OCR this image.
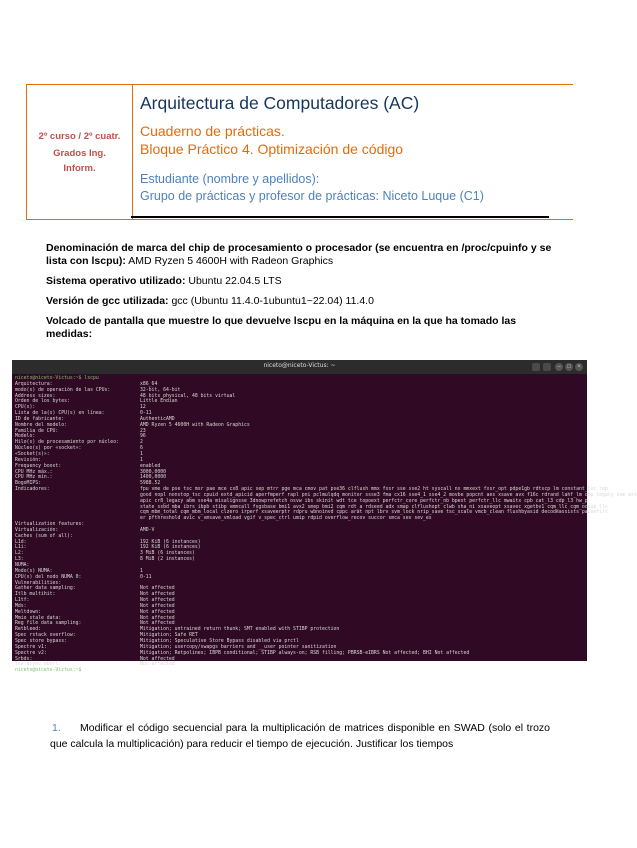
2º curso / 2º cuatr.
Grados Ing. Inform.
Arquitectura de Computadores (AC)
Cuaderno de prácticas.
Bloque Práctico 4. Optimización de código
Estudiante (nombre y apellidos):
Grupo de prácticas y profesor de prácticas: Niceto Luque (C1)
Denominación de marca del chip de procesamiento o procesador (se encuentra en /proc/cpuinfo y se lista con lscpu): AMD Ryzen 5 4600H with Radeon Graphics
Sistema operativo utilizado: Ubuntu 22.04.5 LTS
Versión de gcc utilizada: gcc (Ubuntu 11.4.0-1ubuntu1~22.04) 11.4.0
Volcado de pantalla que muestre lo que devuelve lscpu en la máquina en la que ha tomado las medidas:
niceto@niceto-Victus: ~	–	□	×
niceto@niceto-Victus:~$ lscpu
Arquitectura:	x86_64
modo(s) de operación de las CPUs:	32-bit, 64-bit
Address sizes:	48 bits physical, 48 bits virtual
Orden de los bytes:	Little Endian
CPU(s):	12
Lista de la(s) CPU(s) en línea:	0-11
ID de fabricante:	AuthenticAMD
Nombre del modelo:	AMD Ryzen 5 4600H with Radeon Graphics
Familia de CPU:	23
Modelo:	96
Hilo(s) de procesamiento por núcleo:	2
Núcleo(s) por «socket»:	6
«Socket(s)»:	1
Revisión:	1
Frequency boost:	enabled
CPU MHz máx.:	3000,0000
CPU MHz mín.:	1400,0000
BogoMIPS:	5988.52
Indicadores:	fpu vme de pse tsc msr pae mce cx8 apic sep mtrr pge mca cmov pat pse36 clflush mmx fxsr sse sse2 ht syscall nx mmxext fxsr_opt pdpe1gb rdtscp lm constant_tsc rep_
good nopl nonstop_tsc cpuid extd_apicid aperfmperf rapl pni pclmulqdq monitor ssse3 fma cx16 sse4_1 sse4_2 movbe popcnt aes xsave avx f16c rdrand lahf_lm cmp_legacy svm ext
apic cr8_legacy abm sse4a misalignsse 3dnowprefetch osvw ibs skinit wdt tce topoext perfctr_core perfctr_nb bpext perfctr_llc mwaitx cpb cat_l3 cdp_l3 hw_p
state ssbd mba ibrs ibpb stibp vmmcall fsgsbase bmi1 avx2 smep bmi2 cqm rdt_a rdseed adx smap clflushopt clwb sha_ni xsaveopt xsavec xgetbv1 cqm_llc cqm_occup_llc
cqm_mbm_total cqm_mbm_local clzero irperf xsaveerptr rdpru wbnoinvd cppc arat npt lbrv svm_lock nrip_save tsc_scale vmcb_clean flushbyasid decodeassists pausefilt
er pfthreshold avic v_vmsave_vmload vgif v_spec_ctrl umip rdpid overflow_recov succor smca sev sev_es
Virtualization features:
Virtualización:	AMD-V
Caches (sum of all):
L1d:	192 KiB (6 instances)
L1i:	192 KiB (6 instances)
L2:	3 MiB (6 instances)
L3:	8 MiB (2 instances)
NUMA:
Modo(s) NUMA:	1
CPU(s) del nodo NUMA 0:	0-11
Vulnerabilities:
Gather data sampling:	Not affected
Itlb multihit:	Not affected
L1tf:	Not affected
Mds:	Not affected
Meltdown:	Not affected
Mmio stale data:	Not affected
Reg file data sampling:	Not affected
Retbleed:	Mitigation; untrained return thunk; SMT enabled with STIBP protection
Spec rstack overflow:	Mitigation; Safe RET
Spec store bypass:	Mitigation; Speculative Store Bypass disabled via prctl
Spectre v1:	Mitigation; usercopy/swapgs barriers and __user pointer sanitization
Spectre v2:	Mitigation; Retpolines; IBPB conditional; STIBP always-on; RSB filling; PBRSB-eIBRS Not affected; BHI Not affected
Srbds:	Not affected
Tsx async abort:	Not affected
niceto@niceto-Victus:~$
1. Modificar el código secuencial para la multiplicación de matrices disponible en SWAD (solo el trozo que calcula la multiplicación) para reducir el tiempo de ejecución. Justificar los tiempos
